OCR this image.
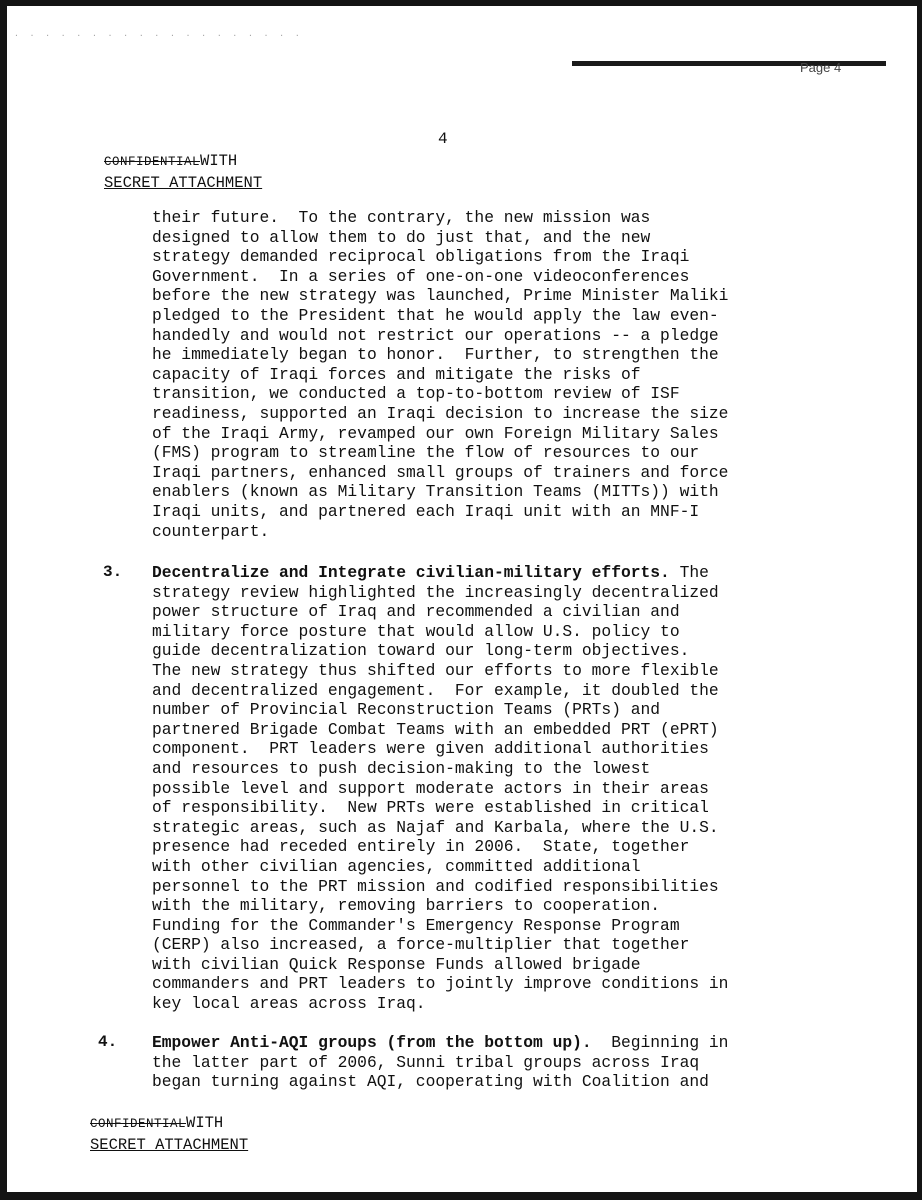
. . . . . . . . . . . . . . . . . . .
Page 4
4
CONFIDENTIALWITH
SECRET ATTACHMENT
their future.  To the contrary, the new mission was
designed to allow them to do just that, and the new
strategy demanded reciprocal obligations from the Iraqi
Government.  In a series of one-on-one videoconferences
before the new strategy was launched, Prime Minister Maliki
pledged to the President that he would apply the law even-
handedly and would not restrict our operations -- a pledge
he immediately began to honor.  Further, to strengthen the
capacity of Iraqi forces and mitigate the risks of
transition, we conducted a top-to-bottom review of ISF
readiness, supported an Iraqi decision to increase the size
of the Iraqi Army, revamped our own Foreign Military Sales
(FMS) program to streamline the flow of resources to our
Iraqi partners, enhanced small groups of trainers and force
enablers (known as Military Transition Teams (MITTs)) with
Iraqi units, and partnered each Iraqi unit with an MNF-I
counterpart.
3. Decentralize and Integrate civilian-military efforts. The
strategy review highlighted the increasingly decentralized
power structure of Iraq and recommended a civilian and
military force posture that would allow U.S. policy to
guide decentralization toward our long-term objectives.
The new strategy thus shifted our efforts to more flexible
and decentralized engagement.  For example, it doubled the
number of Provincial Reconstruction Teams (PRTs) and
partnered Brigade Combat Teams with an embedded PRT (ePRT)
component.  PRT leaders were given additional authorities
and resources to push decision-making to the lowest
possible level and support moderate actors in their areas
of responsibility.  New PRTs were established in critical
strategic areas, such as Najaf and Karbala, where the U.S.
presence had receded entirely in 2006.  State, together
with other civilian agencies, committed additional
personnel to the PRT mission and codified responsibilities
with the military, removing barriers to cooperation.
Funding for the Commander's Emergency Response Program
(CERP) also increased, a force-multiplier that together
with civilian Quick Response Funds allowed brigade
commanders and PRT leaders to jointly improve conditions in
key local areas across Iraq.
4. Empower Anti-AQI groups (from the bottom up).  Beginning in
the latter part of 2006, Sunni tribal groups across Iraq
began turning against AQI, cooperating with Coalition and
CONFIDENTIALWITH
SECRET ATTACHMENT
